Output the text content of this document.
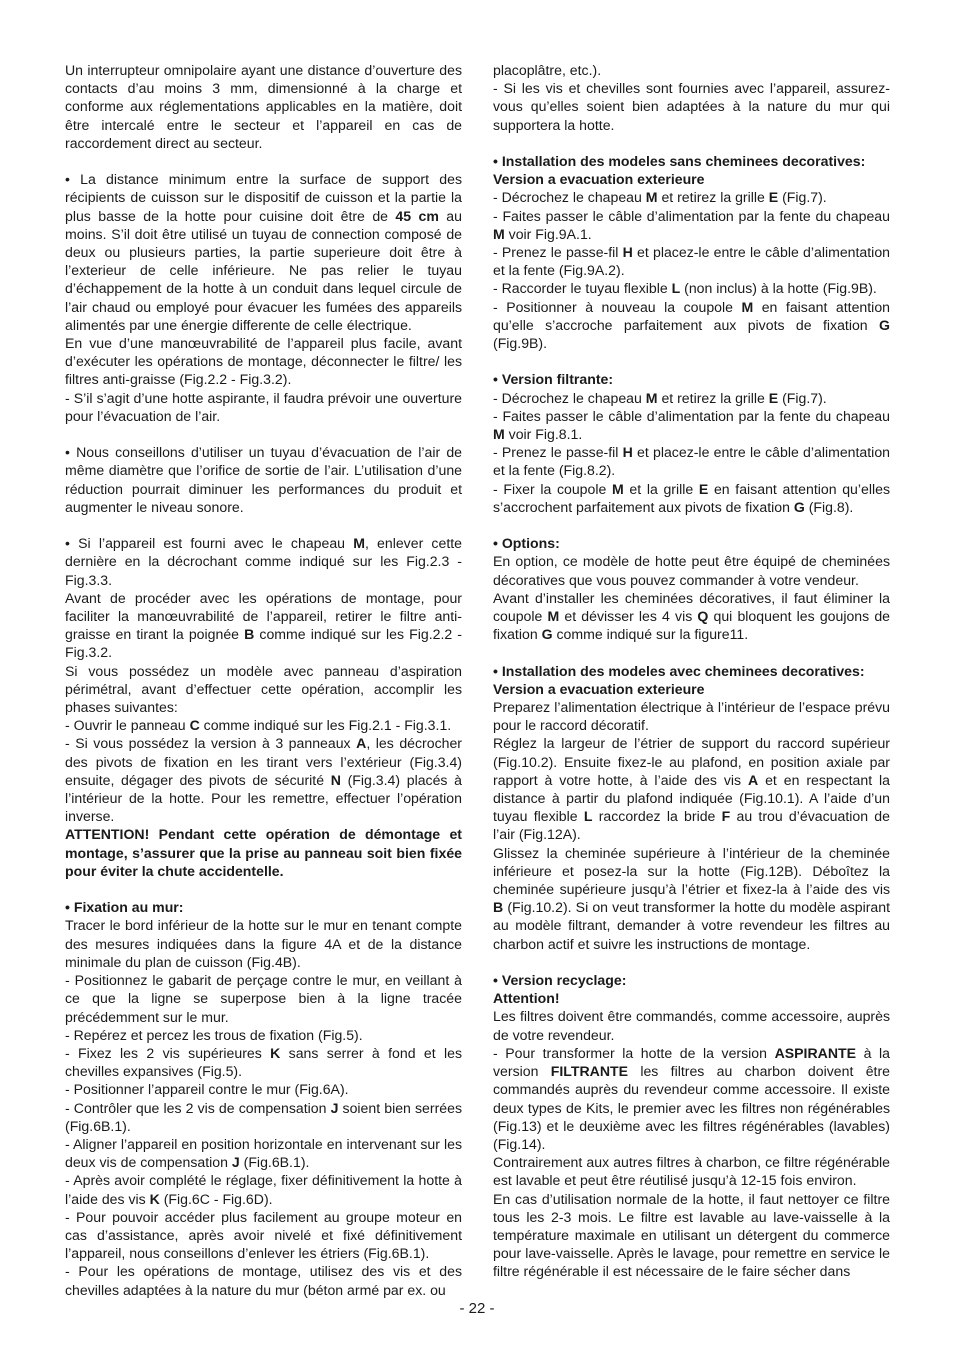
Un interrupteur omnipolaire ayant une distance d’ouverture des contacts d’au moins 3 mm, dimensionné à la charge et conforme aux réglementations applicables en la matière, doit être intercalé entre le secteur et l’appareil en cas de raccordement direct au secteur.

• La distance minimum entre la surface de support des récipients de cuisson sur le dispositif de cuisson et la partie la plus basse de la hotte pour cuisine doit être de 45 cm au moins. S’il doit être utilisé un tuyau de connection composé de deux ou plusieurs parties, la partie superieure doit être à l’exterieur de celle inférieure. Ne pas relier le tuyau d’échappement de la hotte à un conduit dans lequel circule de l’air chaud ou employé pour évacuer les fumées des appareils alimentés par une énergie differente de celle électrique.

En vue d’une manœuvrabilité de l’appareil plus facile, avant d’exécuter les opérations de montage, déconnecter le filtre/ les filtres anti-graisse (Fig.2.2 - Fig.3.2).

- S’il s’agit d’une hotte aspirante, il faudra prévoir une ouverture pour l’évacuation de l’air.

• Nous conseillons d’utiliser un tuyau d’évacuation de l’air de même diamètre que l’orifice de sortie de l’air. L’utilisation d’une réduction pourrait diminuer les performances du produit et augmenter le niveau sonore.

• Si l’appareil est fourni avec le chapeau M, enlever cette dernière en la décrochant comme indiqué sur les Fig.2.3 - Fig.3.3.

Avant de procéder avec les opérations de montage, pour faciliter la manœuvrabilité de l’appareil, retirer le filtre anti-graisse en tirant la poignée B comme indiqué sur les Fig.2.2 - Fig.3.2.

Si vous possédez un modèle avec panneau d’aspiration périmétral, avant d’effectuer cette opération, accomplir les phases suivantes:

- Ouvrir le panneau C comme indiqué sur les Fig.2.1 - Fig.3.1.

- Si vous possédez la version à 3 panneaux A, les décrocher des pivots de fixation en les tirant vers l’extérieur (Fig.3.4) ensuite, dégager des pivots de sécurité N (Fig.3.4) placés à l’intérieur de la hotte. Pour les remettre, effectuer l’opération inverse.

ATTENTION! Pendant cette opération de démontage et montage, s’assurer que la prise au panneau soit bien fixée pour éviter la chute accidentelle.

• Fixation au mur:

Tracer le bord inférieur de la hotte sur le mur en tenant compte des mesures indiquées dans la figure 4A et de la distance minimale du plan de cuisson (Fig.4B).

- Positionnez le gabarit de perçage contre le mur, en veillant à ce que la ligne se superpose bien à la ligne tracée précédemment sur le mur.

- Repérez et percez les trous de fixation (Fig.5).

- Fixez les 2 vis supérieures K sans serrer à fond et les chevilles expansives (Fig.5).

- Positionner l’appareil contre le mur (Fig.6A).

- Contrôler que les 2 vis de compensation J soient bien serrées (Fig.6B.1).

- Aligner l’appareil en position horizontale en intervenant sur les deux vis de compensation J (Fig.6B.1).

- Après avoir complété le réglage, fixer définitivement la hotte à l’aide des vis K (Fig.6C - Fig.6D).

- Pour pouvoir accéder plus facilement au groupe moteur en cas d’assistance, après avoir nivelé et fixé définitivement l’appareil, nous conseillons d’enlever les étriers (Fig.6B.1).

- Pour les opérations de montage, utilisez des vis et des chevilles adaptées à la nature du mur (béton armé par ex. ou

placoplâtre, etc.).

- Si les vis et chevilles sont fournies avec l’appareil, assurez-vous qu’elles soient bien adaptées à la nature du mur qui supportera la hotte.

• Installation des modeles sans cheminees decoratives: Version a evacuation exterieure

- Décrochez le chapeau M et retirez la grille E (Fig.7).

- Faites passer le câble d’alimentation par la fente du chapeau M voir Fig.9A.1.

- Prenez le passe-fil H et placez-le entre le câble d’alimentation et la fente (Fig.9A.2).

- Raccorder le tuyau flexible L (non inclus) à la hotte (Fig.9B).

- Positionner à nouveau la coupole M en faisant attention qu’elle s’accroche parfaitement aux pivots de fixation G (Fig.9B).

• Version filtrante:

- Décrochez le chapeau M et retirez la grille E (Fig.7).

- Faites passer le câble d’alimentation par la fente du chapeau M voir Fig.8.1.

- Prenez le passe-fil H et placez-le entre le câble d’alimentation et la fente (Fig.8.2).

- Fixer la coupole M et la grille E en faisant attention qu’elles s’accrochent parfaitement aux pivots de fixation G (Fig.8).

• Options:

En option, ce modèle de hotte peut être équipé de cheminées décoratives que vous pouvez commander à votre vendeur.

Avant d’installer les cheminées décoratives, il faut éliminer la coupole M et dévisser les 4 vis Q qui bloquent les goujons de fixation G comme indiqué sur la figure11.

• Installation des modeles avec cheminees decoratives: Version a evacuation exterieure

Preparez l’alimentation électrique à l’intérieur de l’espace prévu pour le raccord décoratif.

Réglez la largeur de l’étrier de support du raccord supérieur (Fig.10.2). Ensuite fixez-le au plafond, en position axiale par rapport à votre hotte, à l’aide des vis A et en respectant la distance à partir du plafond indiquée (Fig.10.1). A l’aide d’un tuyau flexible L raccordez la bride F au trou d’évacuation de l’air (Fig.12A).

Glissez la cheminée supérieure à l’intérieur de la cheminée inférieure et posez-la sur la hotte (Fig.12B). Déboîtez la cheminée supérieure jusqu’à l’étrier et fixez-la à l’aide des vis B (Fig.10.2). Si on veut transformer la hotte du modèle aspirant au modèle filtrant, demander à votre revendeur les filtres au charbon actif et suivre les instructions de montage.

• Version recyclage:

Attention!

Les filtres doivent être commandés, comme accessoire, auprès de votre revendeur.

- Pour transformer la hotte de la version ASPIRANTE à la version FILTRANTE les filtres au charbon doivent être commandés auprès du revendeur comme accessoire. Il existe deux types de Kits, le premier avec les filtres non régénérables (Fig.13) et le deuxième avec les filtres régénérables (lavables) (Fig.14).

Contrairement aux autres filtres à charbon, ce filtre régénérable est lavable et peut être réutilisé jusqu’à 12-15 fois environ.

En cas d’utilisation normale de la hotte, il faut nettoyer ce filtre tous les 2-3 mois. Le filtre est lavable au lave-vaisselle à la température maximale en utilisant un détergent du commerce pour lave-vaisselle. Après le lavage, pour remettre en service le filtre régénérable il est nécessaire de le faire sécher dans

- 22 -
